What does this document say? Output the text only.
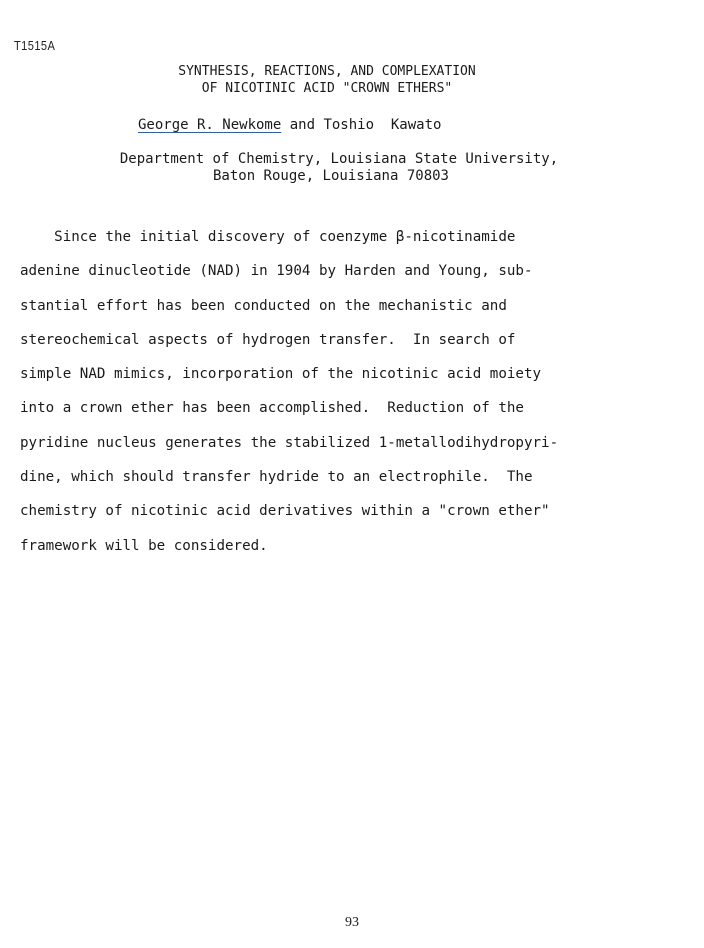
T1515A
SYNTHESIS, REACTIONS, AND COMPLEXATION
OF NICOTINIC ACID "CROWN ETHERS"
George R. Newkome and Toshio  Kawato
Department of Chemistry, Louisiana State University,
Baton Rouge, Louisiana 70803
Since the initial discovery of coenzyme β-nicotinamide
adenine dinucleotide (NAD) in 1904 by Harden and Young, sub-
stantial effort has been conducted on the mechanistic and
stereochemical aspects of hydrogen transfer.  In search of
simple NAD mimics, incorporation of the nicotinic acid moiety
into a crown ether has been accomplished.  Reduction of the
pyridine nucleus generates the stabilized 1-metallodihydropyri-
dine, which should transfer hydride to an electrophile.  The
chemistry of nicotinic acid derivatives within a "crown ether"
framework will be considered.
93
